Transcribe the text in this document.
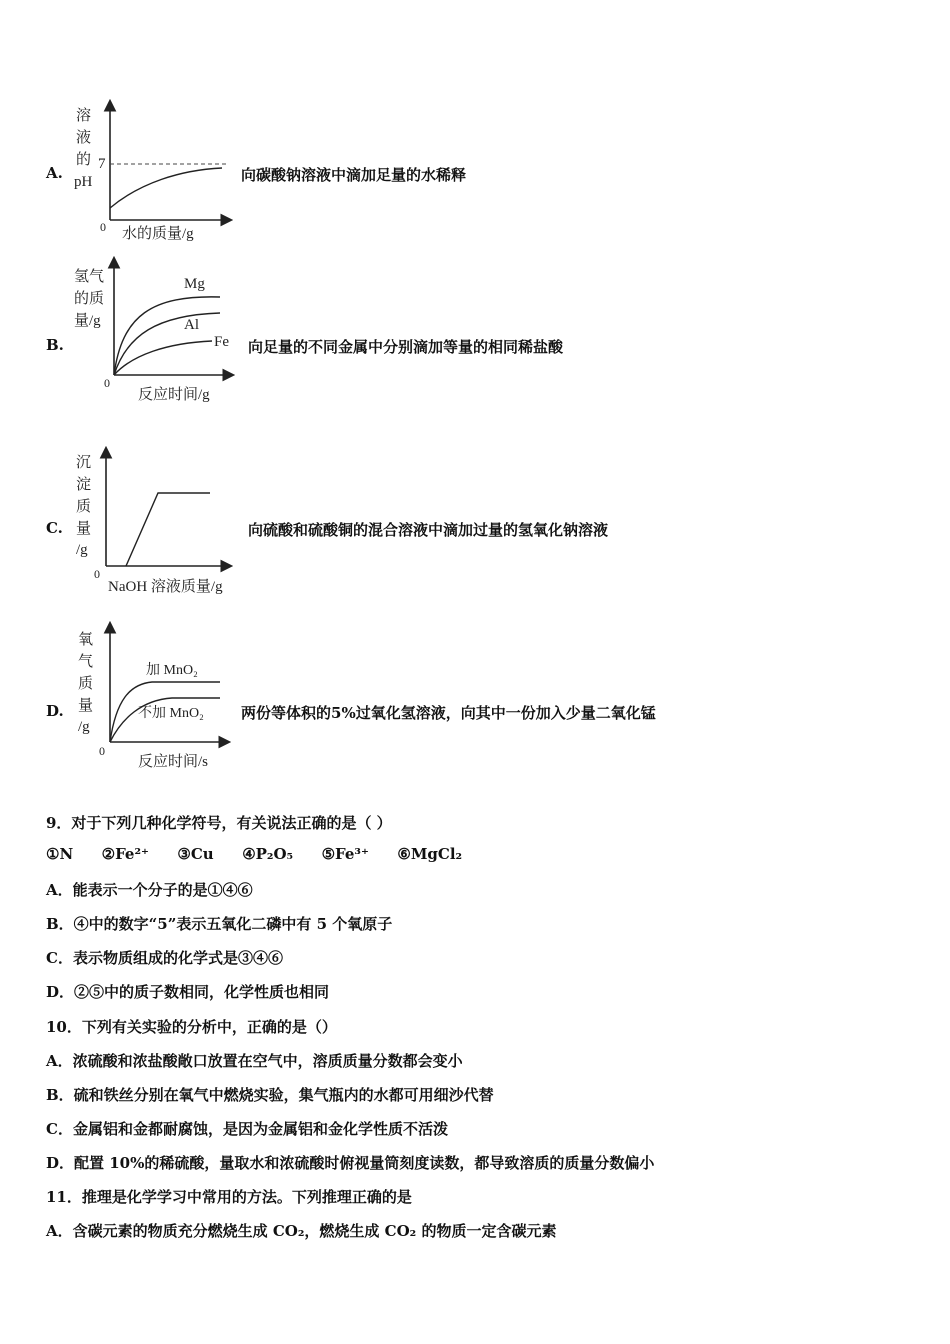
A.
溶
液
的
pH
7
0 水的质量/g
向碳酸钠溶液中滴加足量的水稀释
B.
氢气
的质
量/g
Mg
Al
Fe
0
反应时间/g
向足量的不同金属中分别滴加等量的相同稀盐酸
C.
沉
淀
质
量
/g
0
NaOH 溶液质量/g
向硫酸和硫酸铜的混合溶液中滴加过量的氢氧化钠溶液
D.
氧
气
质
量
/g
加 MnO₂
不加 MnO₂
0
反应时间/s
两份等体积的5%过氧化氢溶液，向其中一份加入少量二氧化锰
9．对于下列几种化学符号，有关说法正确的是（ ）
①N ②Fe²⁺ ③Cu ④P₂O₅ ⑤Fe³⁺ ⑥MgCl₂
A．能表示一个分子的是①④⑥
B．④中的数字“5”表示五氧化二磷中有 5 个氧原子
C．表示物质组成的化学式是③④⑥
D．②⑤中的质子数相同，化学性质也相同
10．下列有关实验的分析中，正确的是（）
A．浓硫酸和浓盐酸敞口放置在空气中，溶质质量分数都会变小
B．硫和铁丝分别在氧气中燃烧实验，集气瓶内的水都可用细沙代替
C．金属铝和金都耐腐蚀，是因为金属铝和金化学性质不活泼
D．配置 10%的稀硫酸，量取水和浓硫酸时俯视量筒刻度读数，都导致溶质的质量分数偏小
11．推理是化学学习中常用的方法。下列推理正确的是
A．含碳元素的物质充分燃烧生成 CO₂，燃烧生成 CO₂ 的物质一定含碳元素
